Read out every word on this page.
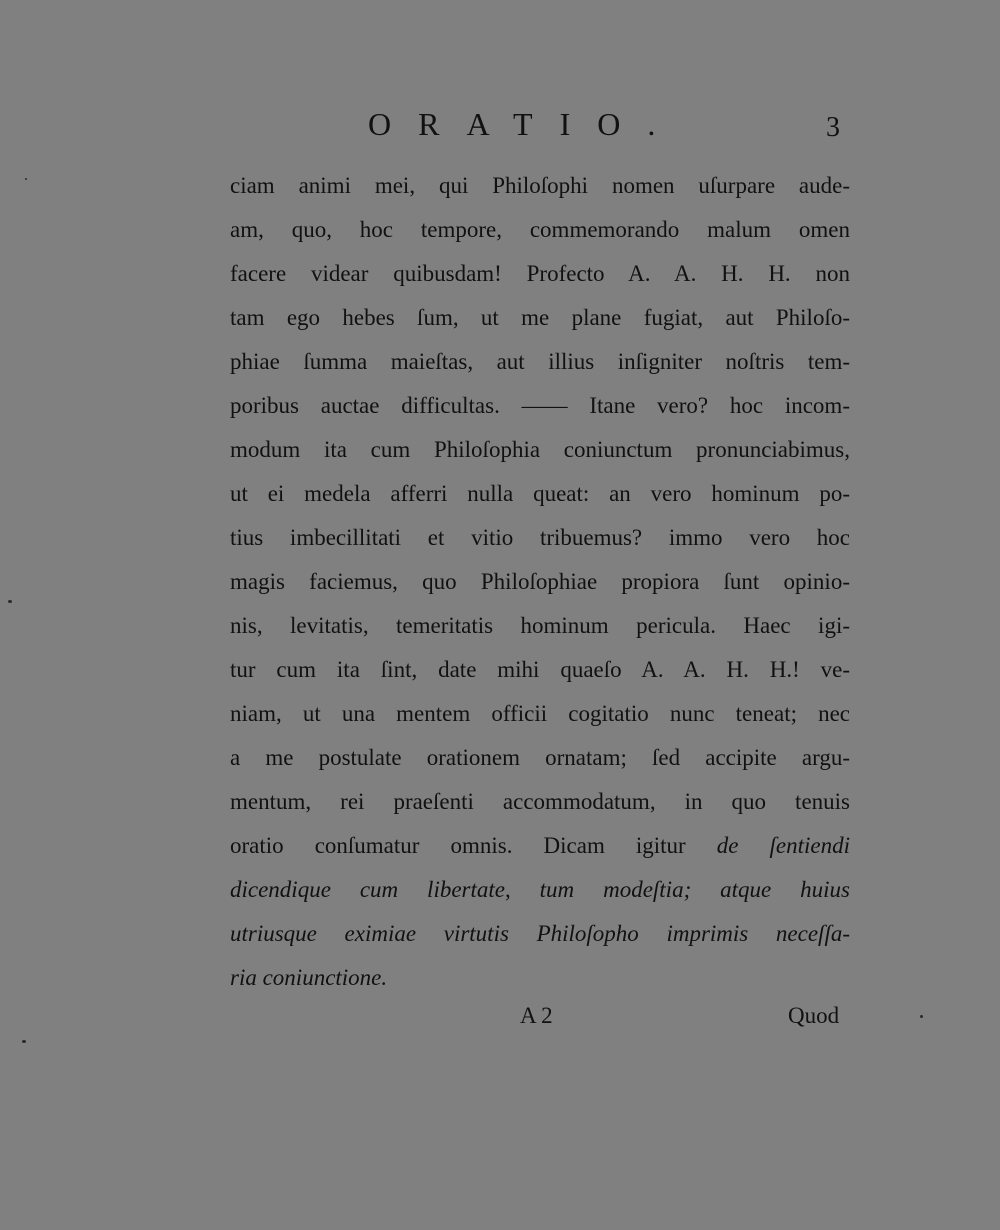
ORATIO.	3
ciam animi mei, qui Philoſophi nomen uſurpare aude-
am, quo, hoc tempore, commemorando malum omen
facere videar quibusdam! Profecto A. A. H. H. non
tam ego hebes ſum, ut me plane fugiat, aut Philoſo-
phiae ſumma maieſtas, aut illius inſigniter noſtris tem-
poribus auctae difficultas. —— Itane vero? hoc incom-
modum ita cum Philoſophia coniunctum pronunciabimus,
ut ei medela afferri nulla queat: an vero hominum po-
tius imbecillitati et vitio tribuemus? immo vero hoc
magis faciemus, quo Philoſophiae propiora ſunt opinio-
nis, levitatis, temeritatis hominum pericula. Haec igi-
tur cum ita ſint, date mihi quaeſo A. A. H. H.! ve-
niam, ut una mentem officii cogitatio nunc teneat; nec
a me postulate orationem ornatam; ſed accipite argu-
mentum, rei praeſenti accommodatum, in quo tenuis
oratio conſumatur omnis. Dicam igitur de ſentiendi
dicendique cum libertate, tum modeſtia; atque huius
utriusque eximiae virtutis Philoſopho imprimis neceſſa-
ria coniunctione.
A 2	Quod
